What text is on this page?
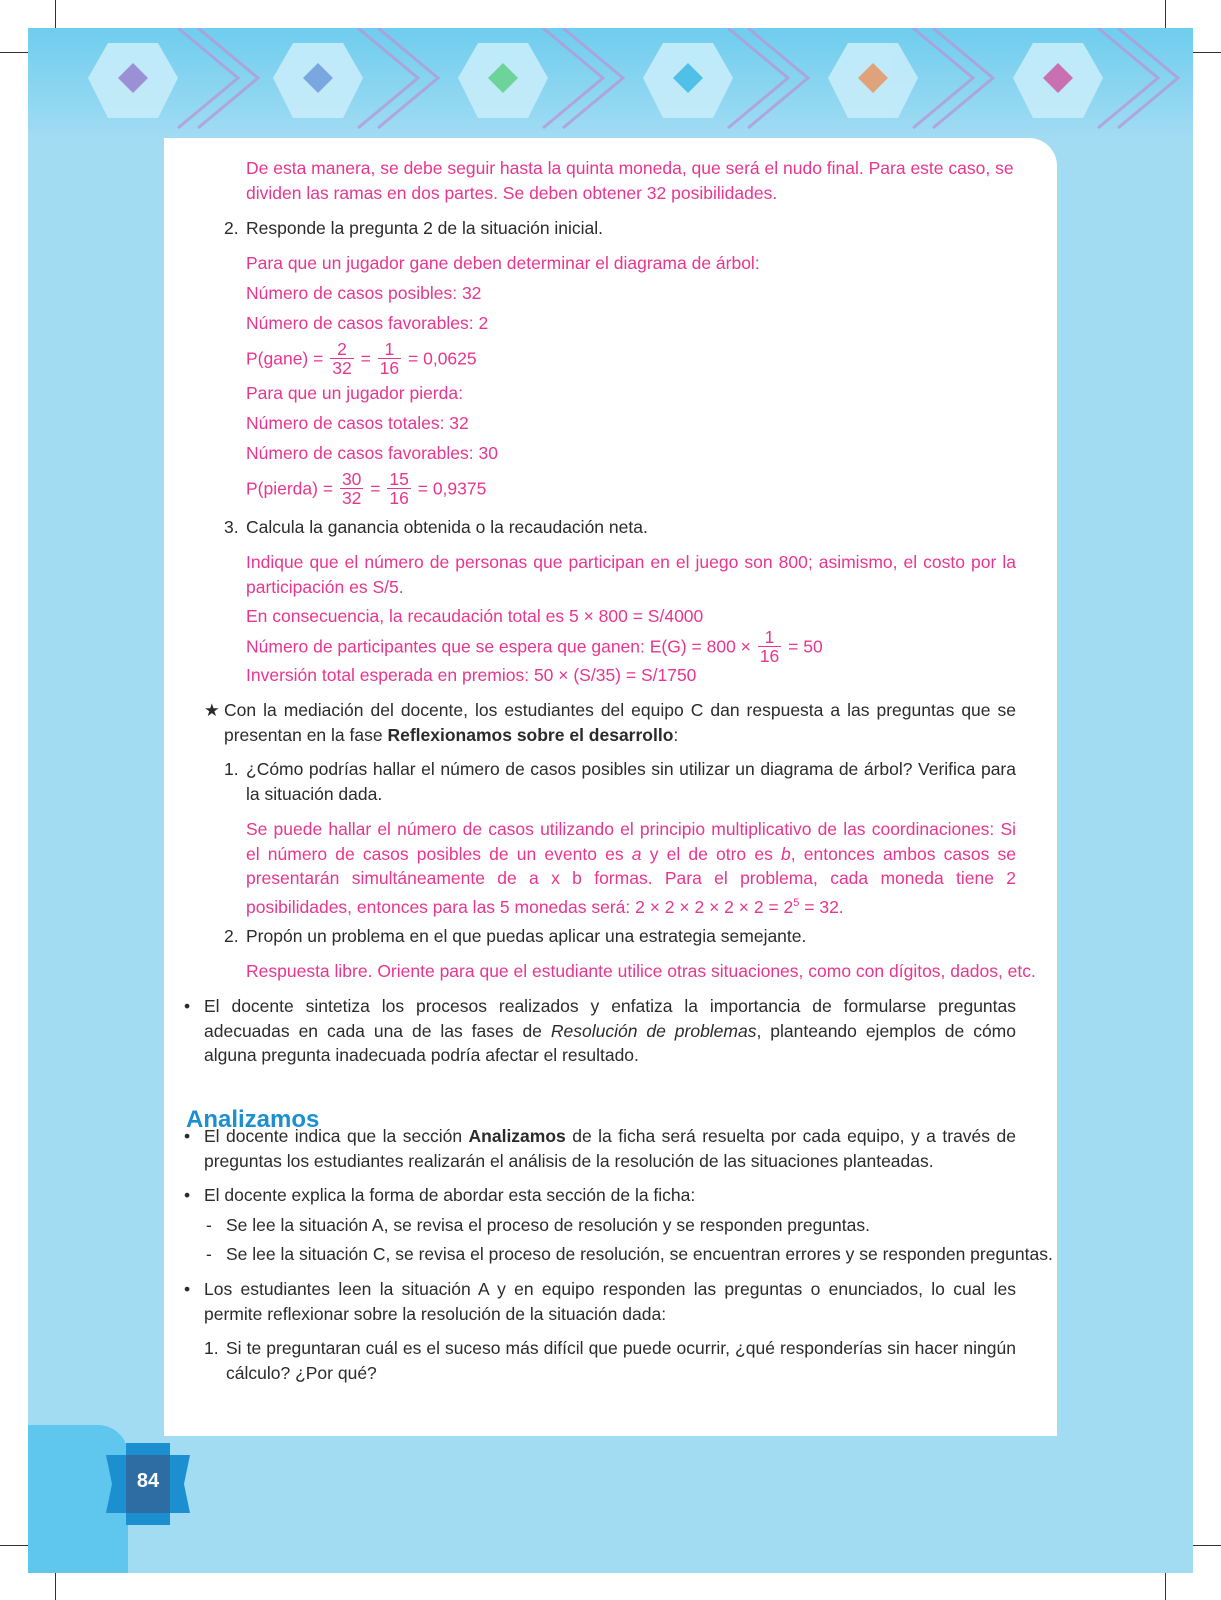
84
De esta manera, se debe seguir hasta la quinta moneda, que será el nudo final. Para este caso, se dividen las ramas en dos partes. Se deben obtener 32 posibilidades.
2. Responde la pregunta 2 de la situación inicial.
Para que un jugador gane deben determinar el diagrama de árbol:
Número de casos posibles: 32
Número de casos favorables: 2
P(gane) = $\frac{2}{32} = \frac{1}{16} = 0,0625$
Para que un jugador pierda:
Número de casos totales: 32
Número de casos favorables: 30
P(pierda) = $\frac{30}{32} = \frac{15}{16} = 0,9375$
3. Calcula la ganancia obtenida o la recaudación neta.
Indique que el número de personas que participan en el juego son 800; asimismo, el costo por la participación es S/5.
En consecuencia, la recaudación total es 5 × 800 = S/4000
Número de participantes que se espera que ganen: $E(G) = 800 \times \frac{1}{16} = 50$
Inversión total esperada en premios: 50 × (S/35) = S/1750
★ Con la mediación del docente, los estudiantes del equipo C dan respuesta a las preguntas que se presentan en la fase Reflexionamos sobre el desarrollo:
1. ¿Cómo podrías hallar el número de casos posibles sin utilizar un diagrama de árbol? Verifica para la situación dada.
Se puede hallar el número de casos utilizando el principio multiplicativo de las coordinaciones: Si el número de casos posibles de un evento es a y el de otro es b, entonces ambos casos se presentarán simultáneamente de a x b formas. Para el problema, cada moneda tiene 2 posibilidades, entonces para las 5 monedas será: $2 \times 2 \times 2 \times 2 \times 2 = 2^5 = 32$.
2. Propón un problema en el que puedas aplicar una estrategia semejante.
Respuesta libre. Oriente para que el estudiante utilice otras situaciones, como con dígitos, dados, etc.
• El docente sintetiza los procesos realizados y enfatiza la importancia de formularse preguntas adecuadas en cada una de las fases de Resolución de problemas, planteando ejemplos de cómo alguna pregunta inadecuada podría afectar el resultado.
Analizamos
• El docente indica que la sección Analizamos de la ficha será resuelta por cada equipo, y a través de preguntas los estudiantes realizarán el análisis de la resolución de las situaciones planteadas.
• El docente explica la forma de abordar esta sección de la ficha:
- Se lee la situación A, se revisa el proceso de resolución y se responden preguntas.
- Se lee la situación C, se revisa el proceso de resolución, se encuentran errores y se responden preguntas.
• Los estudiantes leen la situación A y en equipo responden las preguntas o enunciados, lo cual les permite reflexionar sobre la resolución de la situación dada:
1. Si te preguntaran cuál es el suceso más difícil que puede ocurrir, ¿qué responderías sin hacer ningún cálculo? ¿Por qué?
